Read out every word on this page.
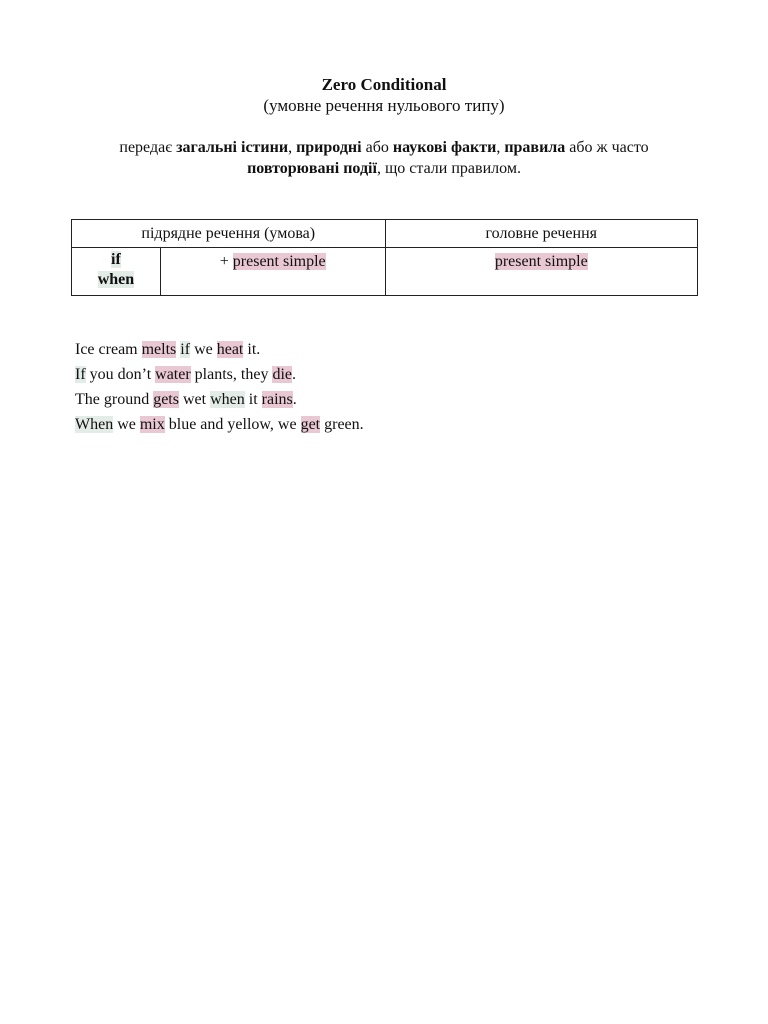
Zero Conditional
(умовне речення нульового типу)
передає загальні істини, природні або наукові факти, правила або ж часто повторювані події, що стали правилом.
підрядне речення (умова)		головне речення

if
when	+ present simple	present simple

Ice cream melts if we heat it.

If you don’t water plants, they die.

The ground gets wet when it rains.

When we mix blue and yellow, we get green.
